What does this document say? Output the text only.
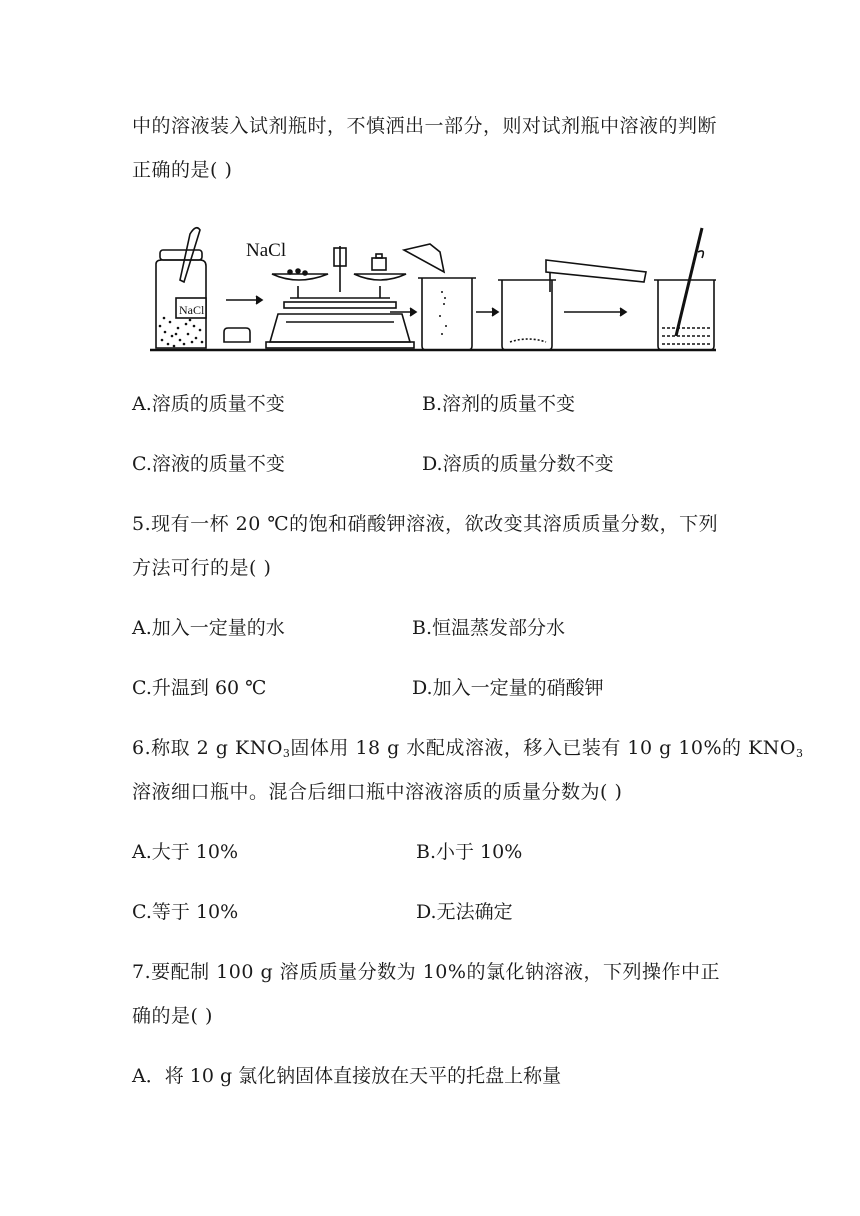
中的溶液装入试剂瓶时，不慎洒出一部分，则对试剂瓶中溶液的判断
正确的是( )
NaCl
NaCl
A.溶质的质量不变	B.溶剂的质量不变
C.溶液的质量不变	D.溶质的质量分数不变
5.现有一杯 20 ℃的饱和硝酸钾溶液，欲改变其溶质质量分数，下列
方法可行的是( )
A.加入一定量的水	B.恒温蒸发部分水
C.升温到 60 ℃	D.加入一定量的硝酸钾
6.称取 2 g $KNO_3$固体用 18 g 水配成溶液，移入已装有 10 g 10%的 $KNO_3$
溶液细口瓶中。混合后细口瓶中溶液溶质的质量分数为( )
A.大于 10%	B.小于 10%
C.等于 10%	D.无法确定
7.要配制 100 g 溶质质量分数为 10%的氯化钠溶液，下列操作中正
确的是( )
A．将 10 g 氯化钠固体直接放在天平的托盘上称量
